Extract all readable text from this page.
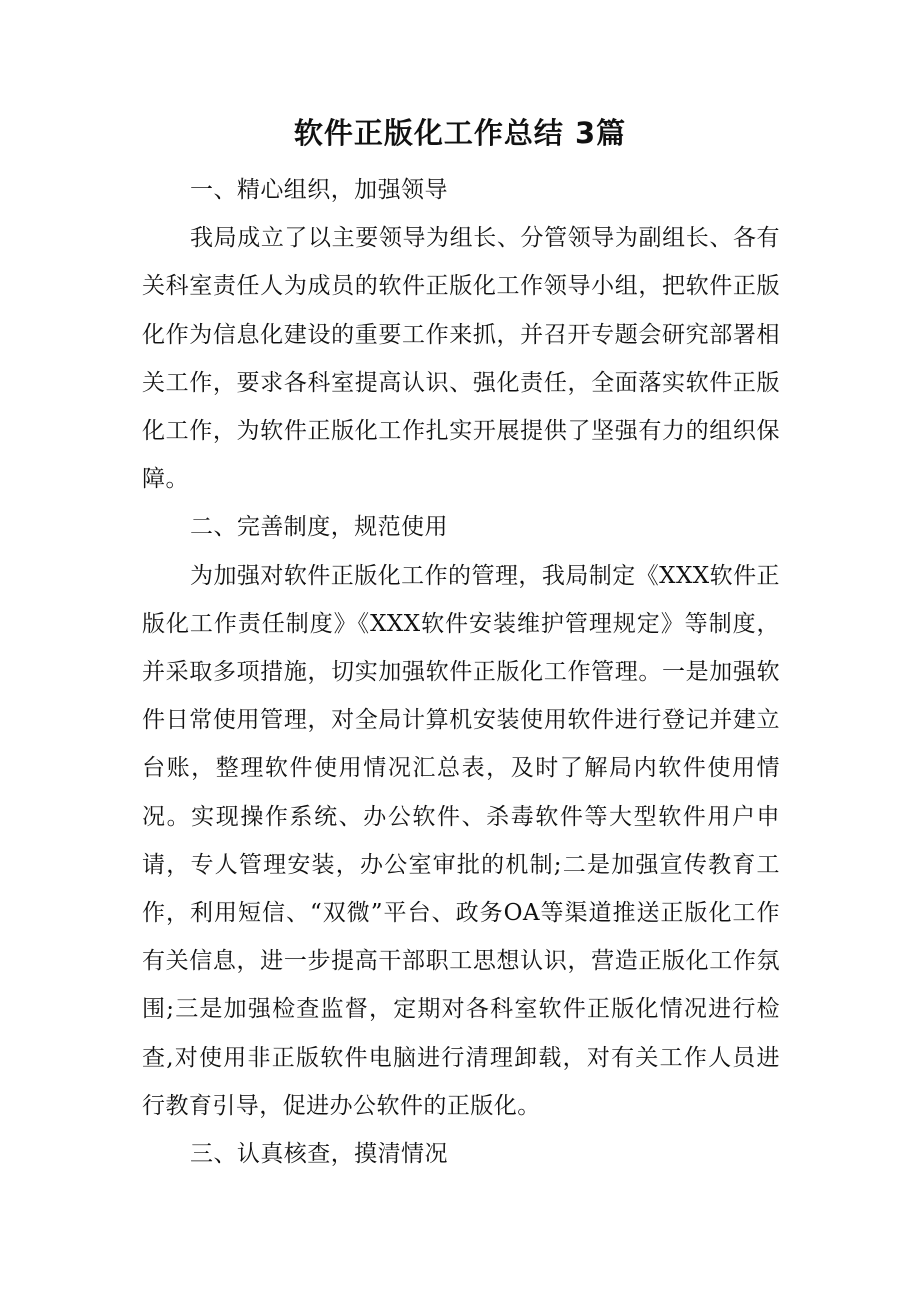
软件正版化工作总结 3篇

一、精心组织，加强领导

我局成立了以主要领导为组长、分管领导为副组长、各有关科室责任人为成员的软件正版化工作领导小组，把软件正版化作为信息化建设的重要工作来抓，并召开专题会研究部署相关工作，要求各科室提高认识、强化责任，全面落实软件正版化工作，为软件正版化工作扎实开展提供了坚强有力的组织保障。

二、完善制度，规范使用

为加强对软件正版化工作的管理，我局制定《XXX软件正版化工作责任制度》《XXX软件安装维护管理规定》等制度，并采取多项措施，切实加强软件正版化工作管理。一是加强软件日常使用管理，对全局计算机安装使用软件进行登记并建立台账，整理软件使用情况汇总表，及时了解局内软件使用情况。实现操作系统、办公软件、杀毒软件等大型软件用户申请，专人管理安装，办公室审批的机制;二是加强宣传教育工作，利用短信、“双微”平台、政务OA等渠道推送正版化工作有关信息，进一步提高干部职工思想认识，营造正版化工作氛围;三是加强检查监督，定期对各科室软件正版化情况进行检查,对使用非正版软件电脑进行清理卸载，对有关工作人员进行教育引导，促进办公软件的正版化。

三、认真核查，摸清情况
